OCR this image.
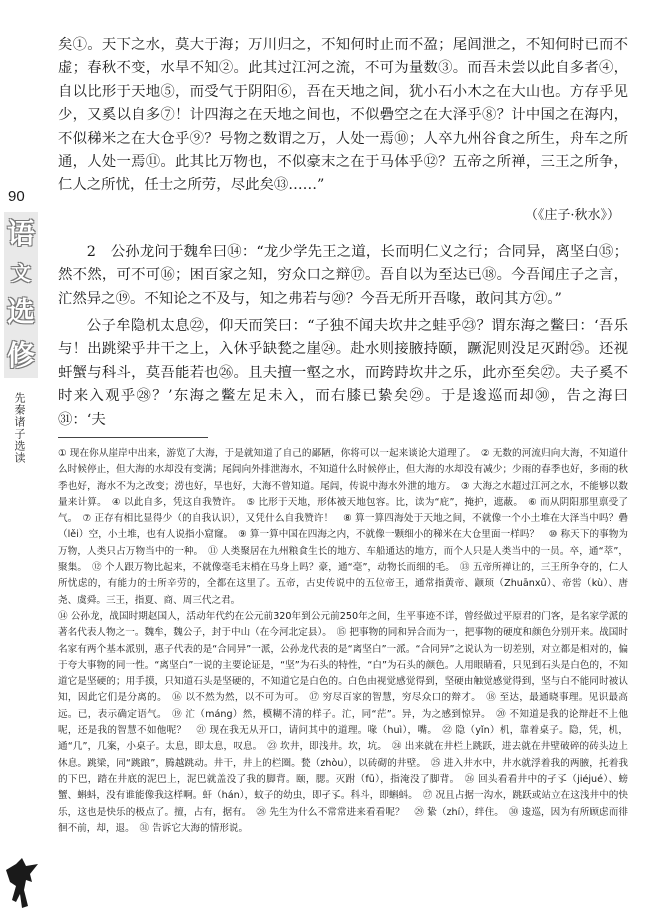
90
语
文
选
修
先秦诸子选读

矣①。天下之水，莫大于海；万川归之，不知何时止而不盈；尾闾泄之，不知何时已而不虚；春秋不变，水旱不知②。此其过江河之流，不可为量数③。而吾未尝以此自多者④，自以比形于天地⑤，而受气于阴阳⑥，吾在天地之间，犹小石小木之在大山也。方存乎见少，又奚以自多⑦！计四海之在天地之间也，不似礨空之在大泽乎⑧？计中国之在海内，不似稊米之在大仓乎⑨？号物之数谓之万，人处一焉⑩；人卒九州谷食之所生，舟车之所通，人处一焉⑪。此其比万物也，不似豪末之在于马体乎⑫？五帝之所禅，三王之所争，仁人之所忧，任士之所劳，尽此矣⑬……”

（《庄子·秋水》）

2　公孙龙问于魏牟曰⑭：“龙少学先王之道，长而明仁义之行；合同异，离坚白⑮；然不然，可不可⑯；困百家之知，穷众口之辩⑰。吾自以为至达已⑱。今吾闻庄子之言，汒然异之⑲。不知论之不及与，知之弗若与⑳？今吾无所开吾喙，敢问其方㉑。”

公子牟隐机太息㉒，仰天而笑曰：“子独不闻夫坎井之蛙乎㉓？谓东海之鳖曰：‘吾乐与！出跳梁乎井干之上，入休乎缺甃之崖㉔。赴水则接腋持颐，蹶泥则没足灭跗㉕。还视虷蟹与科斗，莫吾能若也㉖。且夫擅一壑之水，而跨跱坎井之乐，此亦至矣㉗。夫子奚不时来入观乎㉘？’东海之鳖左足未入，而右膝已絷矣㉙。于是逡巡而却㉚，告之海曰㉛：‘夫

① 现在你从崖岸中出来，游览了大海，于是就知道了自己的鄙陋，你将可以一起来谈论大道理了。　② 无数的河流归向大海，不知道什么时候停止，但大海的水却没有变满；尾闾向外排泄海水，不知道什么时候停止，但大海的水却没有减少；少雨的春季也好，多雨的秋季也好，海水不为之改变；涝也好，旱也好，大海不曾知道。尾闾，传说中海水外泄的地方。　③ 大海之水超过江河之水，不能够以数量来计算。　④ 以此自多，凭这自我赞许。　⑤ 比形于天地，形体被天地包容。比，读为“庇”，掩护，遮蔽。　⑥ 而从阴阳那里禀受了气。　⑦ 正存有相比显得少（的自我认识），又凭什么自我赞许！　⑧ 算一算四海处于天地之间，不就像一个小土堆在大泽当中吗？礨（lěi）空，小土堆，也有人说指小窟窿。　⑨ 算一算中国在四海之内，不就像一颗细小的稊米在大仓里面一样吗？　⑩ 称天下的事物为万物，人类只占万物当中的一种。　⑪ 人类聚居在九州粮食生长的地方、车船通达的地方，而个人只是人类当中的一员。卒，通“萃”，聚集。　⑫ 个人跟万物比起来，不就像毫毛末梢在马身上吗？豪，通“毫”，动物长而细的毛。　⑬ 五帝所禅让的，三王所争夺的，仁人所忧虑的，有能力的士所辛劳的，全都在这里了。五帝，古史传说中的五位帝王，通常指黄帝、颛顼（Zhuānxū）、帝喾（kù）、唐尧、虞舜。三王，指夏、商、周三代之君。

⑭ 公孙龙，战国时期赵国人，活动年代约在公元前320年到公元前250年之间，生平事迹不详，曾经做过平原君的门客，是名家学派的著名代表人物之一。魏牟，魏公子，封于中山（在今河北定县）。　⑮ 把事物的同和异合而为一，把事物的硬度和颜色分别开来。战国时名家有两个基本派别，惠子代表的是“合同异”一派，公孙龙代表的是“离坚白”一派。“合同异”之说认为一切差别，对立都是相对的，偏于夸大事物的同一性。“离坚白”一说的主要论证是，“坚”为石头的特性，“白”为石头的颜色。人用眼睛看，只见到石头是白色的，不知道它是坚硬的；用手摸，只知道石头是坚硬的，不知道它是白色的。白色由视觉感觉得到，坚硬由触觉感觉得到，坚与白不能同时被认知，因此它们是分离的。　⑯ 以不然为然，以不可为可。　⑰ 穷尽百家的智慧，穷尽众口的辩才。　⑱ 至达，最通晓事理。见识最高远。已，表示确定语气。　⑲ 汒（máng）然，模糊不清的样子。汒，同“茫”。异，为之感到惊异。　⑳ 不知道是我的论辩赶不上他呢，还是我的智慧不如他呢？　㉑ 现在我无从开口，请问其中的道理。喙（huì），嘴。　㉒ 隐（yǐn）机，靠着桌子。隐，凭，机，通“几”，几案，小桌子。太息，即太息，叹息。　㉓ 坎井，即浅井。坎，坑。　㉔ 出来就在井栏上跳跃，进去就在井壁破碎的砖头边上休息。跳梁，同“跳踉”，腾越跳动。井干，井上的栏圈。甃（zhòu），以砖砌的井壁。　㉕ 进入井水中，井水就浮着我的两腋，托着我的下巴，踏在井底的泥巴上，泥巴就盖没了我的脚背。颐，腮。灭跗（fū），指淹没了脚背。　㉖ 回头看看井中的孑孓（jiéjué）、螃蟹、蝌蚪，没有谁能像我这样啊。虷（hán），蚊子的幼虫，即孑孓。科斗，即蝌蚪。　㉗ 况且占据一沟水，跳跃或站立在这浅井中的快乐，这也是快乐的极点了。擅，占有，据有。　㉘ 先生为什么不常常进来看看呢？　㉙ 絷（zhí），绊住。　㉚ 逡巡，因为有所顾虑而徘徊不前，却，退。　㉛ 告诉它大海的情形说。
